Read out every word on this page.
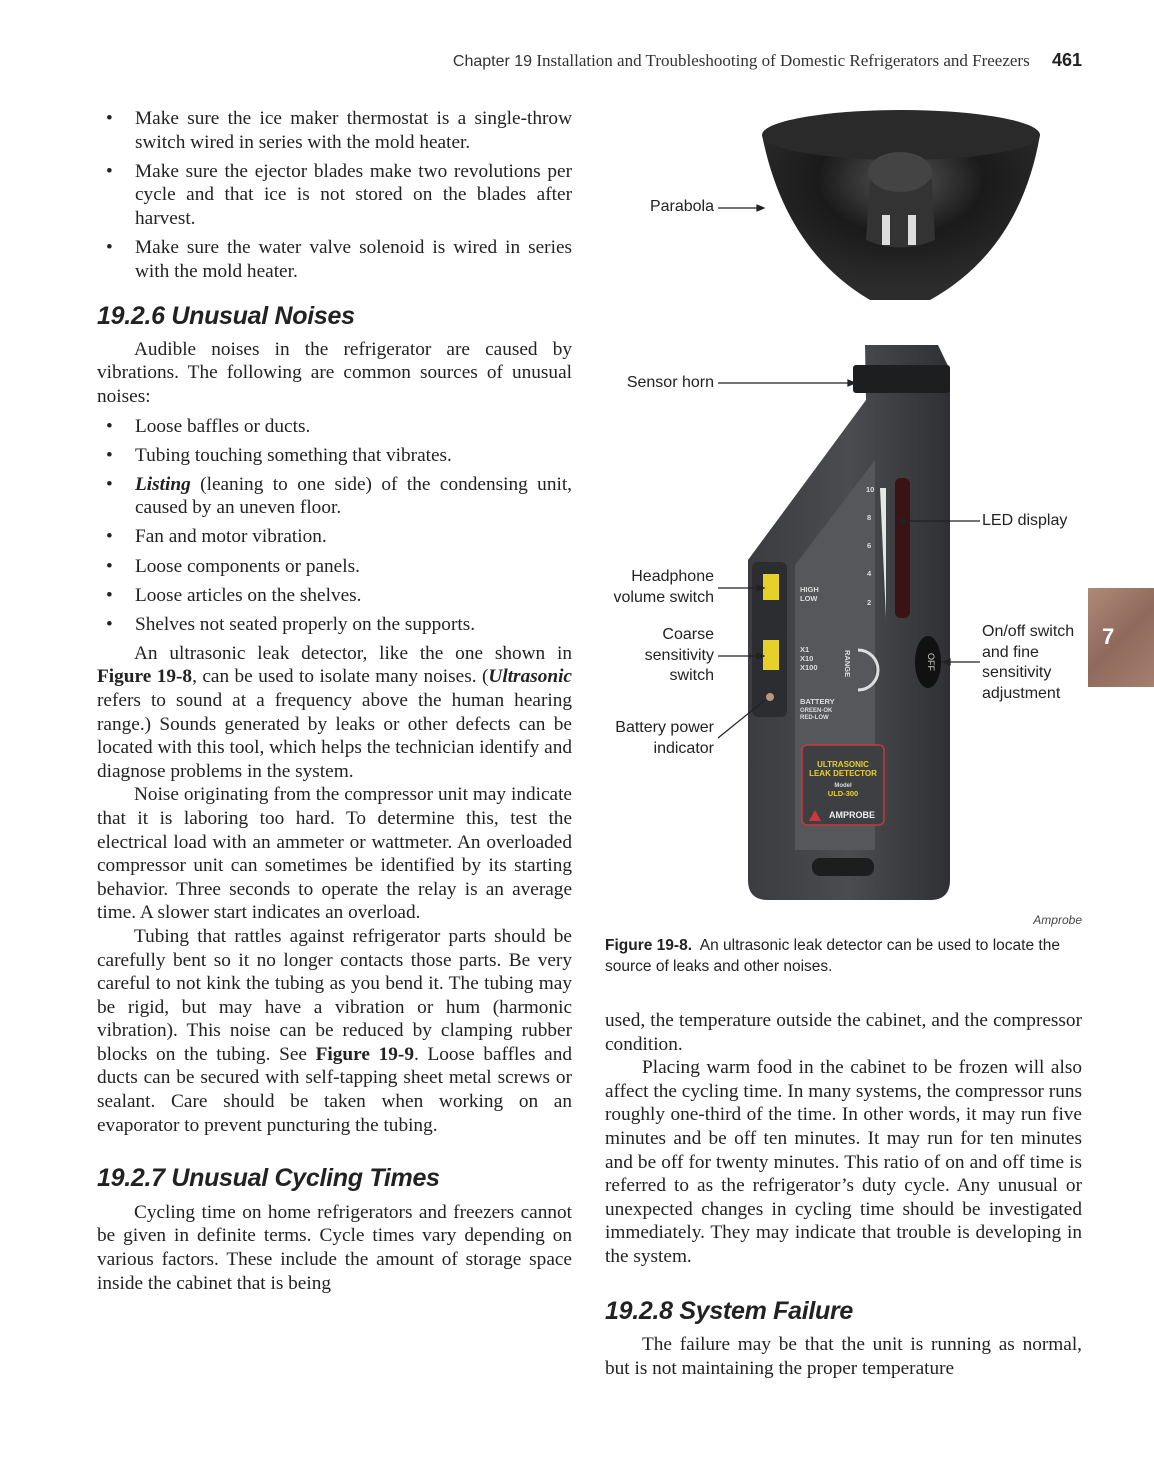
Chapter 19 Installation and Troubleshooting of Domestic Refrigerators and Freezers 461
• Make sure the ice maker thermostat is a single-throw switch wired in series with the mold heater.
• Make sure the ejector blades make two revolutions per cycle and that ice is not stored on the blades after harvest.
• Make sure the water valve solenoid is wired in series with the mold heater.
19.2.6 Unusual Noises

Audible noises in the refrigerator are caused by vibrations. The following are common sources of unusual noises:

• Loose baffles or ducts.
• Tubing touching something that vibrates.
• Listing (leaning to one side) of the condensing unit, caused by an uneven floor.
• Fan and motor vibration.
• Loose components or panels.
• Loose articles on the shelves.
• Shelves not seated properly on the supports.

An ultrasonic leak detector, like the one shown in Figure 19-8, can be used to isolate many noises. (Ultrasonic refers to sound at a frequency above the human hearing range.) Sounds generated by leaks or other defects can be located with this tool, which helps the technician identify and diagnose problems in the system.

Noise originating from the compressor unit may indicate that it is laboring too hard. To determine this, test the electrical load with an ammeter or wattmeter. An overloaded compressor unit can sometimes be identified by its starting behavior. Three seconds to operate the relay is an average time. A slower start indicates an overload.

Tubing that rattles against refrigerator parts should be carefully bent so it no longer contacts those parts. Be very careful to not kink the tubing as you bend it. The tubing may be rigid, but may have a vibration or hum (harmonic vibration). This noise can be reduced by clamping rubber blocks on the tubing. See Figure 19-9. Loose baffles and ducts can be secured with self-tapping sheet metal screws or sealant. Care should be taken when working on an evaporator to prevent puncturing the tubing.

19.2.7 Unusual Cycling Times

Cycling time on home refrigerators and freezers cannot be given in definite terms. Cycle times vary depending on various factors. These include the amount of storage space inside the cabinet that is being

OFF
10
8
6
4
2
HIGH
LOW
X1
X10
X100	RANGE
BATTERY
GREEN-OK
RED-LOW
ULTRASONIC
LEAK DETECTOR
Model
ULD-300
AMPROBE
Parabola
Sensor horn
LED display
Headphone
volume switch
Coarse
sensitivity
switch
Battery power
indicator
On/off switch
and fine
sensitivity
adjustment
Amprobe
Figure 19-8. An ultrasonic leak detector can be used to locate the source of leaks and other noises.
7

used, the temperature outside the cabinet, and the compressor condition.

Placing warm food in the cabinet to be frozen will also affect the cycling time. In many systems, the compressor runs roughly one-third of the time. In other words, it may run five minutes and be off ten minutes. It may run for ten minutes and be off for twenty minutes. This ratio of on and off time is referred to as the refrigerator’s duty cycle. Any unusual or unexpected changes in cycling time should be investigated immediately. They may indicate that trouble is developing in the system.

19.2.8 System Failure

The failure may be that the unit is running as normal, but is not maintaining the proper temperature
